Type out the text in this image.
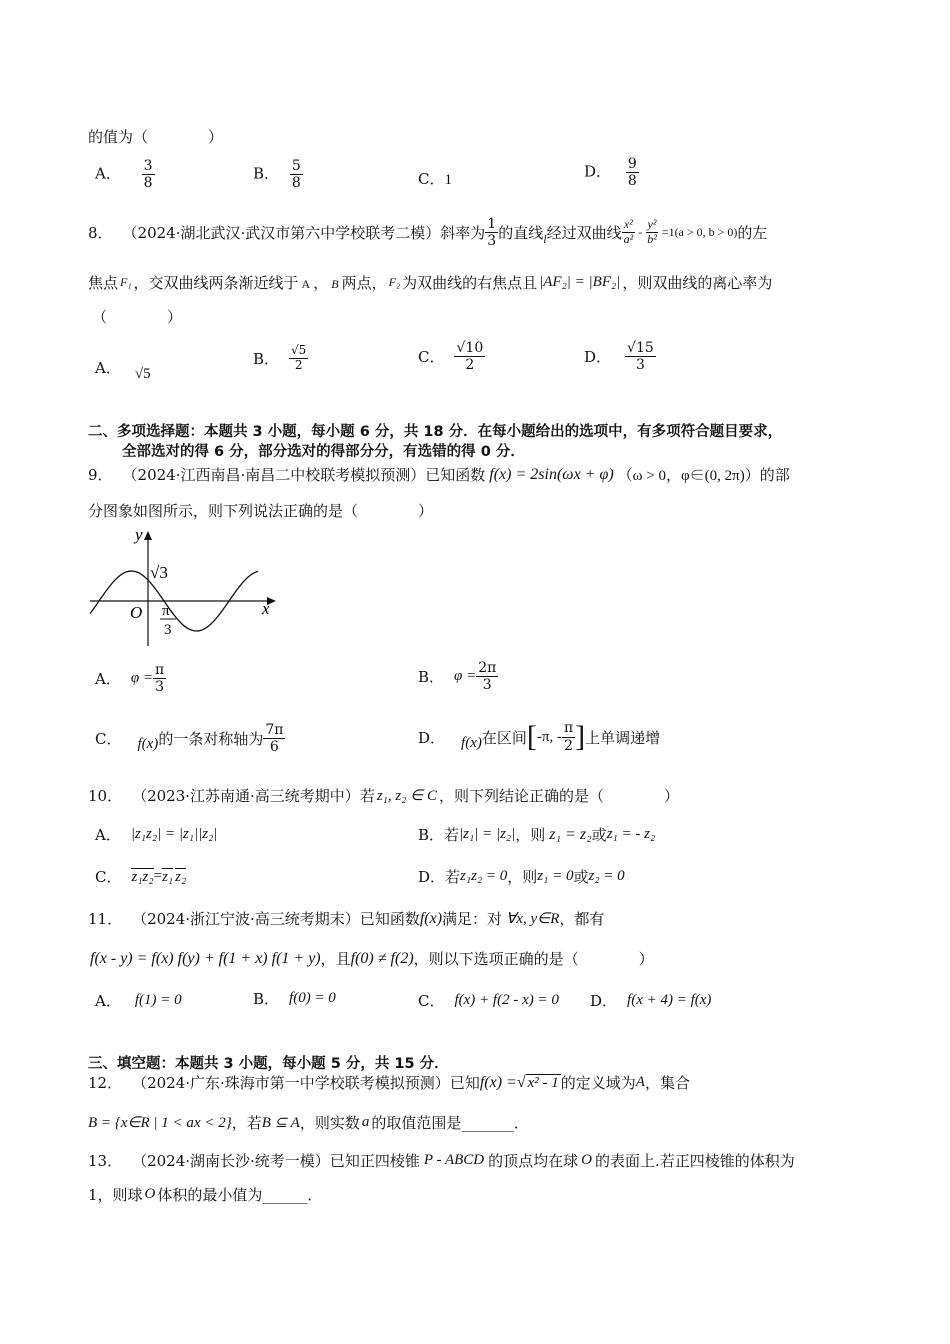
的值为（　　　　）
A． $\frac{3}{8}$	B． $\frac{5}{8}$	C．1	D． $\frac{9}{8}$
8． （2024·湖北武汉·武汉市第六中学校联考二模） 斜率为 $\frac{1}{3}$ 的直线 l 经过双曲线 $\frac{\text{x²}}{\text{a²}} - \frac{\text{y²}}{\text{b²}} =1(a > 0$, b > 0) 的左
焦点 F₁ ，交双曲线两条渐近线于 A ， B 两点， F₂ 为双曲线的右焦点且 |AF₂| = |BF₂| ，则双曲线的离心率为
（　　　　）
A． √5
B． $\frac{√5}{2}$	C． $\frac{√10}{2}$	D． $\frac{√15}{3}$
二、多项选择题：本题共 3 小题，每小题 6 分，共 18 分．在每小题给出的选项中，有多项符合题目要求，
全部选对的得 6 分，部分选对的得部分分，有选错的得 0 分．
9． （2024·江西南昌·南昌二中校联考模拟预测） 已知函数 f(x) = 2sin(ωx + φ) （ω > 0，φ∈(0, 2π)） 的部
分图象如图所示，则下列说法正确的是（　　　　）
y
x
O
√3
π
3
A． $\varphi = \frac{\pi}{3}$	B． $\varphi = \frac{2\pi}{3}$
C． f(x) 的一条对称轴为 $\frac{7\pi}{6}$	D． f(x) 在区间 [ -π, - $\frac{\pi}{2}$ ] 上单调递增
10． （2023·江苏南通·高三统考期中） 若 z₁, z₂ ∈ C ，则下列结论正确的是（　　　　）
A． |z₁z₂| = |z₁||z₂|	B． 若 |z₁| = |z₂| ，则 z₁ = z₂ 或 z₁ = - z₂
C． z₁z₂ = z₁ z₂	D． 若 z₁z₂ = 0 ，则 z₁ = 0 或 z₂ = 0
11． （2024·浙江宁波·高三统考期末） 已知函数 f(x) 满足：对 ∀x, y∈R ，都有
f(x - y) = f(x) f(y) + f(1 + x) f(1 + y) ，且 f(0) ≠ f(2) ，则以下选项正确的是（　　　　）
A． f(1) = 0	B． f(0) = 0	C． f(x) + f(2 - x) = 0 D． f(x + 4) = f(x)
三、填空题：本题共 3 小题，每小题 5 分，共 15 分．
12． （2024·广东·珠海市第一中学校联考模拟预测） 已知 f(x) = √ x² - 1 的定义域为 A ，集合
B = {x∈R | 1 < ax < 2} ，若 B ⊆ A ，则实数 a 的取值范围是_______．
13． （2024·湖南长沙·统考一模） 已知正四棱锥 P - ABCD 的顶点均在球 O 的表面上.若正四棱锥的体积为
1，则球 O 体积的最小值为______．
